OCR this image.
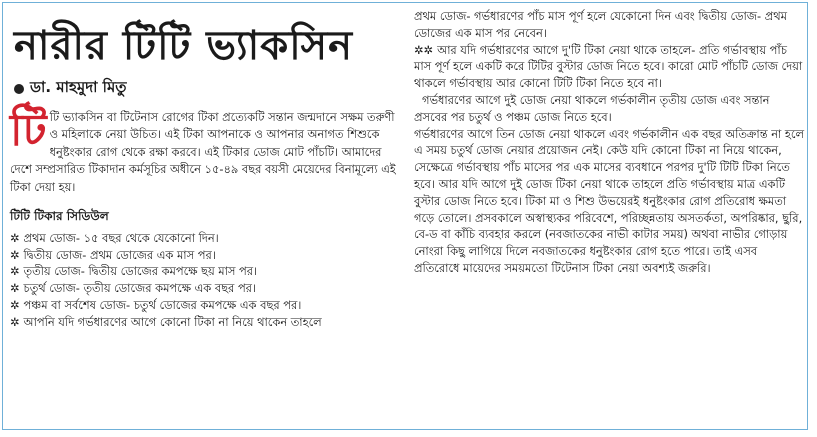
নারীর টিটি ভ্যাকসিন
ডা. মাহমুদা মিতু

টি টি ভ্যাকসিন বা টিটেনাস রোগের টিকা প্রত্যেকটি সন্তান জন্মদানে সক্ষম তরুণী ও মহিলাকে নেয়া উচিত। এই টিকা আপনাকে ও আপনার অনাগত শিশুকে ধনুষ্টংকার রোগ থেকে রক্ষা করবে। এই টিকার ডোজ মোট পাঁচটি। আমাদের দেশে সম্প্রসারিত টিকাদান কর্মসূচির অধীনে ১৫-৪৯ বছর বয়সী মেয়েদের বিনামূল্যে এই টিকা দেয়া হয়।

টিটি টিকার সিডিউল
✲ প্রথম ডোজ- ১৫ বছর থেকে যেকোনো দিন।
✲ দ্বিতীয় ডোজ- প্রথম ডোজের এক মাস পর।
✲ তৃতীয় ডোজ- দ্বিতীয় ডোজের কমপক্ষে ছয় মাস পর।
✲ চতুর্থ ডোজ- তৃতীয় ডোজের কমপক্ষে এক বছর পর।
✲ পঞ্চম বা সর্বশেষ ডোজ- চতুর্থ ডোজের কমপক্ষে এক বছর পর।
✲ আপনি যদি গর্ভধারণের আগে কোনো টিকা না নিয়ে থাকেন তাহলে

প্রথম ডোজ- গর্ভধারণের পাঁচ মাস পূর্ণ হলে যেকোনো দিন এবং দ্বিতীয় ডোজ- প্রথম ডোজের এক মাস পর নেবেন।

✲✲ আর যদি গর্ভধারণের আগে দু'টি টিকা নেয়া থাকে তাহলে- প্রতি গর্ভাবস্থায় পাঁচ মাস পূর্ণ হলে একটি করে টিটির বুস্টার ডোজ নিতে হবে। কারো মোট পাঁচটি ডোজ দেয়া থাকলে গর্ভাবস্থায় আর কোনো টিটি টিকা নিতে হবে না।

গর্ভধারণের আগে দুই ডোজ নেয়া থাকলে গর্ভকালীন তৃতীয় ডোজ এবং সন্তান প্রসবের পর চতুর্থ ও পঞ্চম ডোজ নিতে হবে।

গর্ভধারণের আগে তিন ডোজ নেয়া থাকলে এবং গর্ভকালীন এক বছর অতিক্রান্ত না হলে এ সময় চতুর্থ ডোজ নেয়ার প্রয়োজন নেই। কেউ যদি কোনো টিকা না নিয়ে থাকেন, সেক্ষেত্রে গর্ভাবস্থায় পাঁচ মাসের পর এক মাসের ব্যবধানে পরপর দু'টি টিটি টিকা নিতে হবে। আর যদি আগে দুই ডোজ টিকা নেয়া থাকে তাহলে প্রতি গর্ভাবস্থায় মাত্র একটি বুস্টার ডোজ নিতে হবে। টিকা মা ও শিশু উভয়েরই ধনুষ্টংকার রোগ প্রতিরোধ ক্ষমতা গড়ে তোলে। প্রসবকালে অস্বাস্থ্যকর পরিবেশে, পরিচ্ছন্নতায় অসতর্কতা, অপরিষ্কার, ছুরি, বে-ড বা কাঁচি ব্যবহার করলে (নবজাতকের নাভী কাটার সময়) অথবা নাভীর গোড়ায় নোংরা কিছু লাগিয়ে দিলে নবজাতকের ধনুষ্টংকার রোগ হতে পারে। তাই এসব প্রতিরোধে মায়েদের সময়মতো টিটেনাস টিকা নেয়া অবশ্যই জরুরি।
